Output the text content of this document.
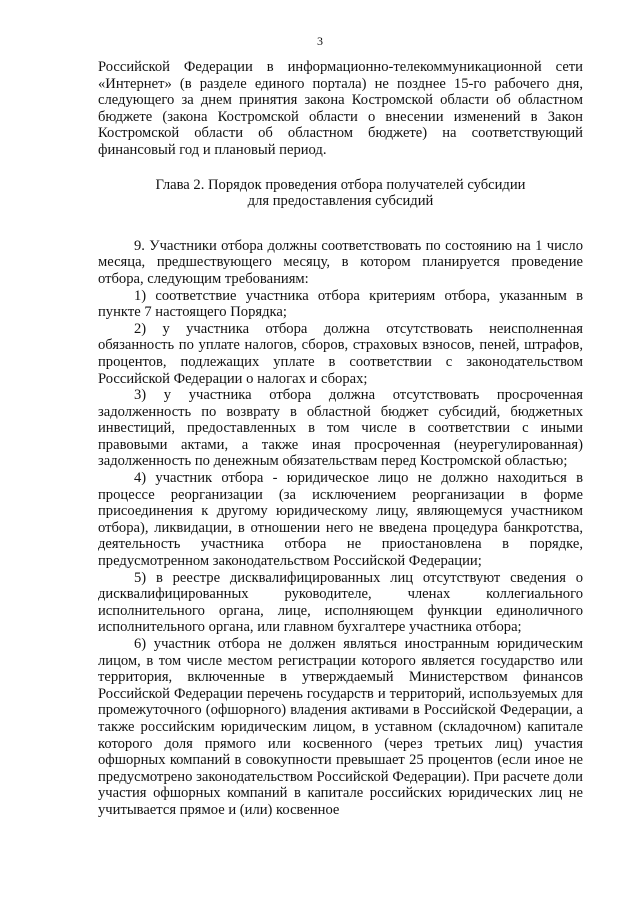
3

Российской Федерации в информационно-телекоммуникационной сети «Интернет» (в разделе единого портала) не позднее 15-го рабочего дня, следующего за днем принятия закона Костромской области об областном бюджете (закона Костромской области о внесении изменений в Закон Костромской области об областном бюджете) на соответствующий финансовый год и плановый период.

Глава 2. Порядок проведения отбора получателей субсидии
для предоставления субсидий

9. Участники отбора должны соответствовать по состоянию на 1 число месяца, предшествующего месяцу, в котором планируется проведение отбора, следующим требованиям:

1) соответствие участника отбора критериям отбора, указанным в пункте 7 настоящего Порядка;

2) у участника отбора должна отсутствовать неисполненная обязанность по уплате налогов, сборов, страховых взносов, пеней, штрафов, процентов, подлежащих уплате в соответствии с законодательством Российской Федерации о налогах и сборах;

3) у участника отбора должна отсутствовать просроченная задолженность по возврату в областной бюджет субсидий, бюджетных инвестиций, предоставленных в том числе в соответствии с иными правовыми актами, а также иная просроченная (неурегулированная) задолженность по денежным обязательствам перед Костромской областью;

4) участник отбора - юридическое лицо не должно находиться в процессе реорганизации (за исключением реорганизации в форме присоединения к другому юридическому лицу, являющемуся участником отбора), ликвидации, в отношении него не введена процедура банкротства, деятельность участника отбора не приостановлена в порядке, предусмотренном законодательством Российской Федерации;

5) в реестре дисквалифицированных лиц отсутствуют сведения о дисквалифицированных руководителе, членах коллегиального исполнительного органа, лице, исполняющем функции единоличного исполнительного органа, или главном бухгалтере участника отбора;

6) участник отбора не должен являться иностранным юридическим лицом, в том числе местом регистрации которого является государство или территория, включенные в утверждаемый Министерством финансов Российской Федерации перечень государств и территорий, используемых для промежуточного (офшорного) владения активами в Российской Федерации, а также российским юридическим лицом, в уставном (складочном) капитале которого доля прямого или косвенного (через третьих лиц) участия офшорных компаний в совокупности превышает 25 процентов (если иное не предусмотрено законодательством Российской Федерации). При расчете доли участия офшорных компаний в капитале российских юридических лиц не учитывается прямое и (или) косвенное
